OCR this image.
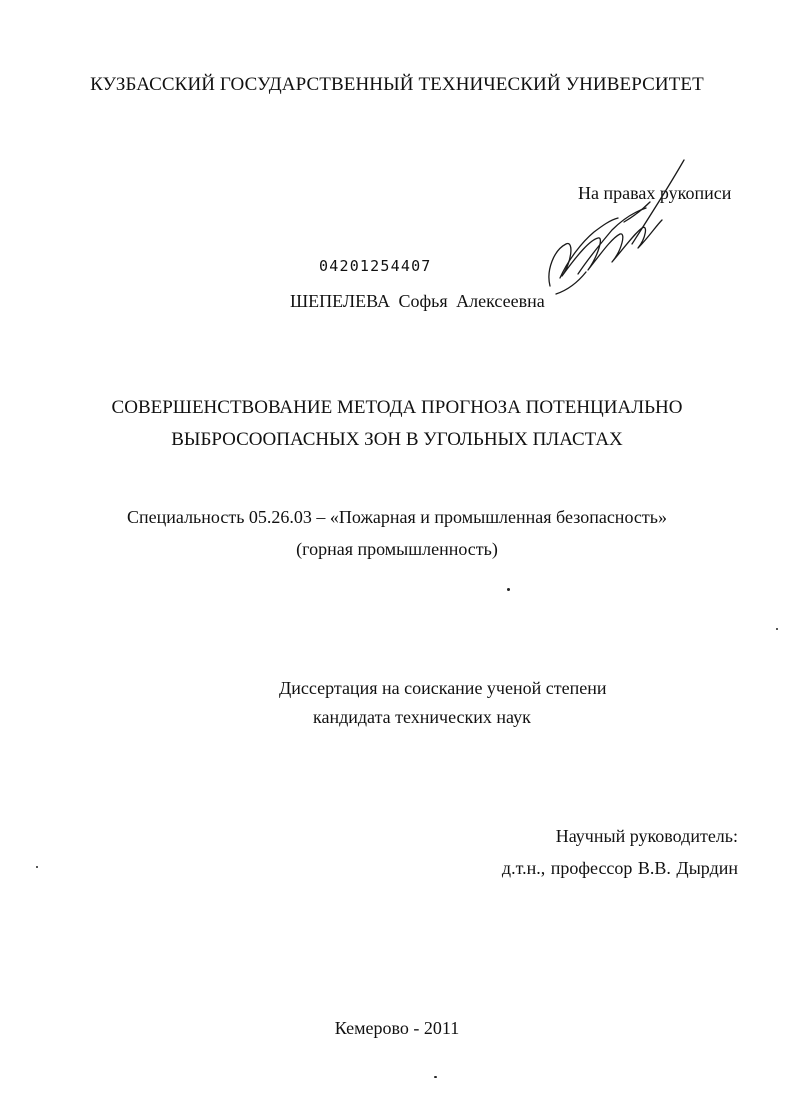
КУЗБАССКИЙ ГОСУДАРСТВЕННЫЙ ТЕХНИЧЕСКИЙ УНИВЕРСИТЕТ
На правах рукописи
04201254407
ШЕПЕЛЕВА Софья Алексеевна
СОВЕРШЕНСТВОВАНИЕ МЕТОДА ПРОГНОЗА ПОТЕНЦИАЛЬНО
ВЫБРОСООПАСНЫХ ЗОН В УГОЛЬНЫХ ПЛАСТАХ
Специальность 05.26.03 – «Пожарная и промышленная безопасность»
(горная промышленность)
Диссертация на соискание ученой степени
кандидата технических наук
Научный руководитель:
д.т.н., профессор В.В. Дырдин
Кемерово - 2011
